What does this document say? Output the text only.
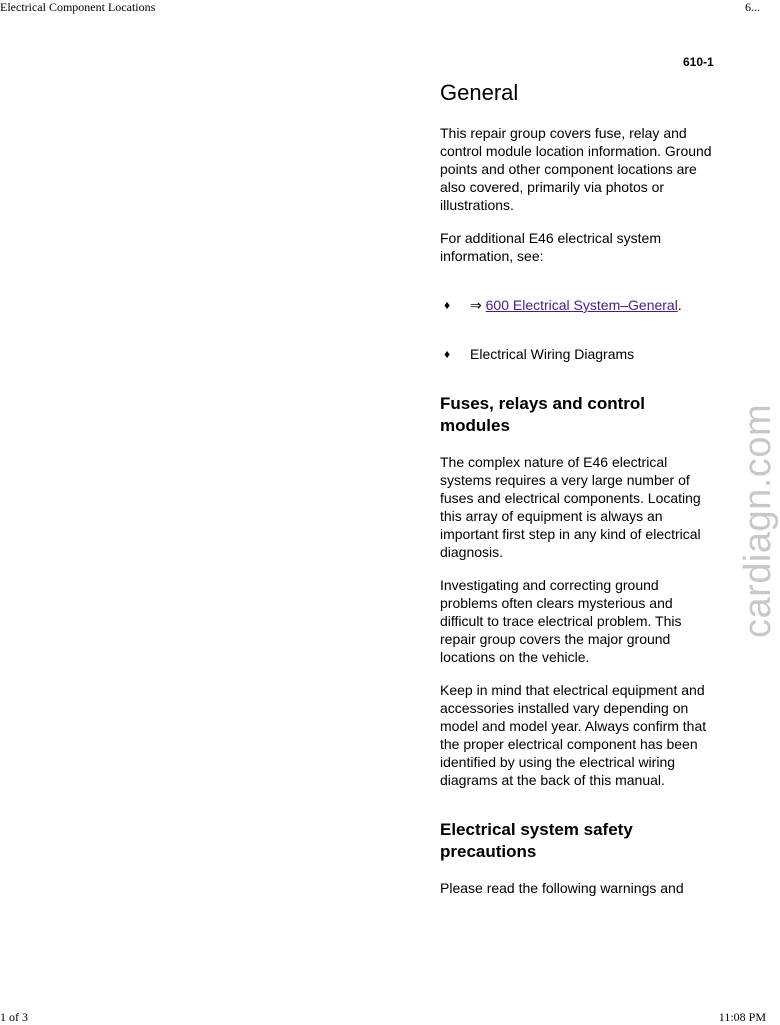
Electrical Component Locations	6...
610-1
General

This repair group covers fuse, relay and control module location information. Ground points and other component locations are also covered, primarily via photos or illustrations.

For additional E46 electrical system information, see:

♦ ⇒ 600 Electrical System–General.
♦ Electrical Wiring Diagrams
Fuses, relays and control modules

The complex nature of E46 electrical systems requires a very large number of fuses and electrical components. Locating this array of equipment is always an important first step in any kind of electrical diagnosis.

Investigating and correcting ground problems often clears mysterious and difficult to trace electrical problem. This repair group covers the major ground locations on the vehicle.

Keep in mind that electrical equipment and accessories installed vary depending on model and model year. Always confirm that the proper electrical component has been identified by using the electrical wiring diagrams at the back of this manual.

Electrical system safety precautions

Please read the following warnings and

cardiagn.com
1 of 3	11:08 PM
